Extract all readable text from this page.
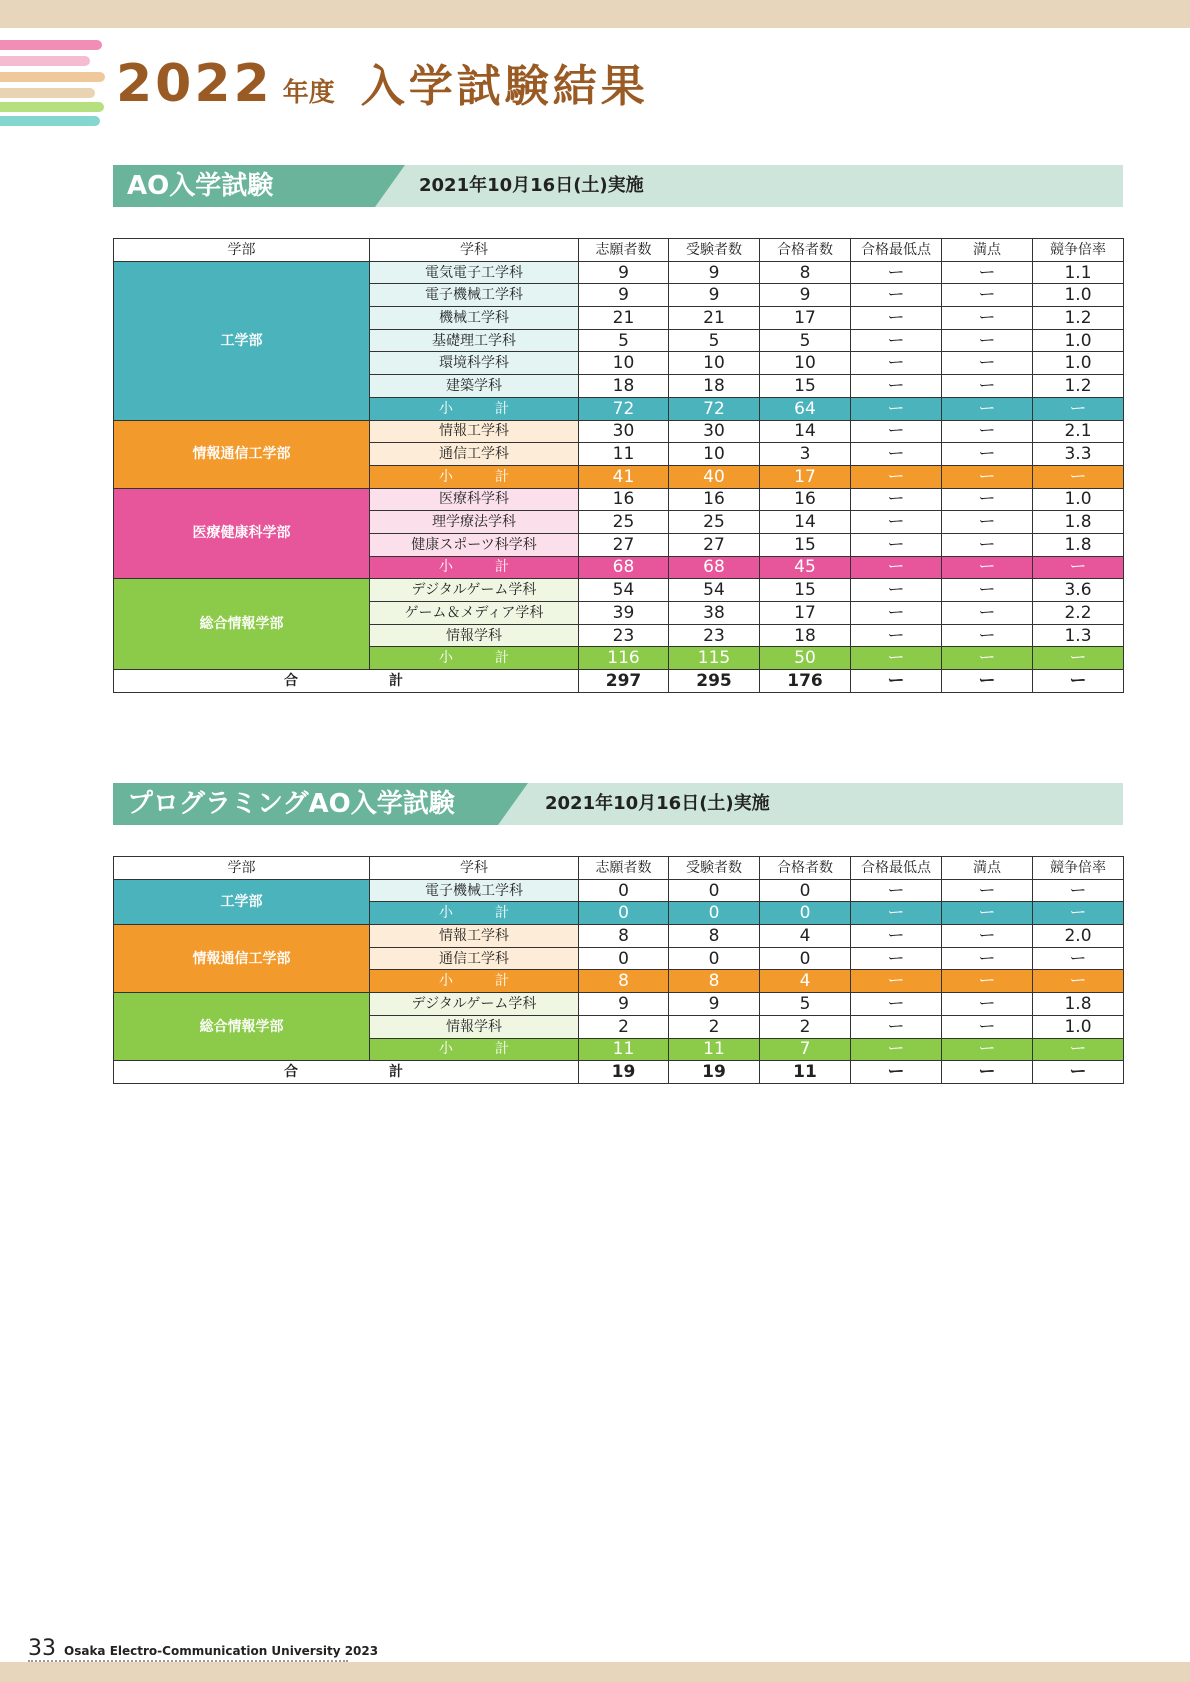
2022 年度 入学試験結果
AO入学試験	2021年10月16日(土)実施
学部	学科	志願者数	受験者数	合格者数	合格最低点	満点	競争倍率
工学部	電気電子工学科	9	9	8	ー	ー	1.1
	電子機械工学科	9	9	9	ー	ー	1.0
	機械工学科	21	21	17	ー	ー	1.2
	基礎理工学科	5	5	5	ー	ー	1.0
	環境科学科	10	10	10	ー	ー	1.0
	建築学科	18	18	15	ー	ー	1.2
	小　　計	72	72	64	ー	ー	ー
情報通信工学部	情報工学科	30	30	14	ー	ー	2.1
	通信工学科	11	10	3	ー	ー	3.3
	小　　計	41	40	17	ー	ー	ー
医療健康科学部	医療科学科	16	16	16	ー	ー	1.0
	理学療法学科	25	25	14	ー	ー	1.8
	健康スポーツ科学科	27	27	15	ー	ー	1.8
	小　　計	68	68	45	ー	ー	ー
総合情報学部	デジタルゲーム学科	54	54	15	ー	ー	3.6
	ゲーム＆メディア学科	39	38	17	ー	ー	2.2
	情報学科	23	23	18	ー	ー	1.3
	小　　計	116	115	50	ー	ー	ー

合 計		297	295	176	ー	ー	ー
プログラミングAO入学試験	2021年10月16日(土)実施
学部	学科	志願者数	受験者数	合格者数	合格最低点	満点	競争倍率
工学部	電子機械工学科	0	0	0	ー	ー	ー
	小　　計	0	0	0	ー	ー	ー
情報通信工学部	情報工学科	8	8	4	ー	ー	2.0
	通信工学科	0	0	0	ー	ー	ー
	小　　計	8	8	4	ー	ー	ー
総合情報学部	デジタルゲーム学科	9	9	5	ー	ー	1.8
	情報学科	2	2	2	ー	ー	1.0
	小　　計	11	11	7	ー	ー	ー

合 計		19	19	11	ー	ー	ー
33 Osaka Electro-Communication University 2023
